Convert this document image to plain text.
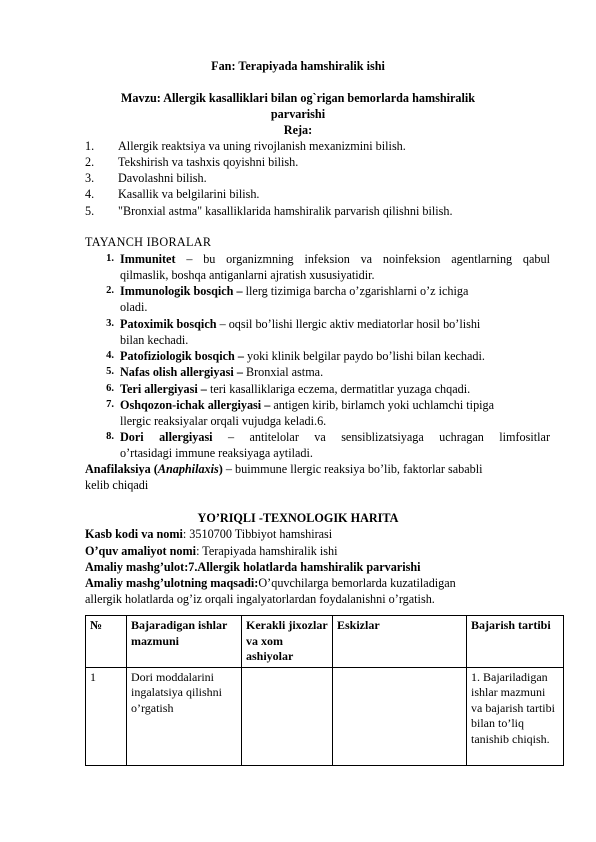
Fan: Terapiyada hamshiralik ishi
Mavzu: Allergik kasalliklari bilan og`rigan bemorlarda hamshiralik
parvarishi
Reja:
1. Allergik reaktsiya va uning rivojlanish mexanizmini bilish.
2. Tekshirish va tashxis qoyishni bilish.
3. Davolashni bilish.
4. Kasallik va belgilarini bilish.
5. "Bronxial astma" kasalliklarida hamshiralik parvarish qilishni bilish.
TAYANCH IBORALAR
1. Immunitet – bu organizmning infeksion va noinfeksion agentlarning qabul
qilmaslik, boshqa antiganlarni ajratish xususiyatidir.
2. Immunologik bosqich – llerg tizimiga barcha o’zgarishlarni o’z ichiga
oladi.
3. Patoximik bosqich – oqsil bo’lishi llergic aktiv mediatorlar hosil bo’lishi
bilan kechadi.
4. Patofiziologik bosqich – yoki klinik belgilar paydo bo’lishi bilan kechadi.
5. Nafas olish allergiyasi – Bronxial astma.
6. Teri allergiyasi – teri kasalliklariga eczema, dermatitlar yuzaga chqadi.
7. Oshqozon-ichak allergiyasi – antigen kirib, birlamch yoki uchlamchi tipiga
llergic reaksiyalar orqali vujudga keladi.6.
8. Dori allergiyasi – antitelolar va sensiblizatsiyaga uchragan limfositlar
o’rtasidagi immune reaksiyaga aytiladi.
Anafilaksiya (Anaphilaxis) – buimmune llergic reaksiya bo’lib, faktorlar sababli
kelib chiqadi
YO’RIQLI -TEXNOLOGIK HARITA
Kasb kodi va nomi: 3510700 Tibbiyot hamshirasi
O’quv amaliyot nomi: Terapiyada hamshiralik ishi
Amaliy mashg’ulot:7.Allergik holatlarda hamshiralik parvarishi
Amaliy mashg’ulotning maqsadi:O’quvchilarga bemorlarda kuzatiladigan
allergik holatlarda og’iz orqali ingalyatorlardan foydalanishni o’rgatish.
№	Bajaradigan ishlar mazmuni	Kerakli jixozlar va xom ashiyolar	Eskizlar	Bajarish tartibi
1	Dori moddalarini ingalatsiya qilishni o’rgatish			1. Bajariladigan ishlar mazmuni va bajarish tartibi bilan to’liq tanishib chiqish.
